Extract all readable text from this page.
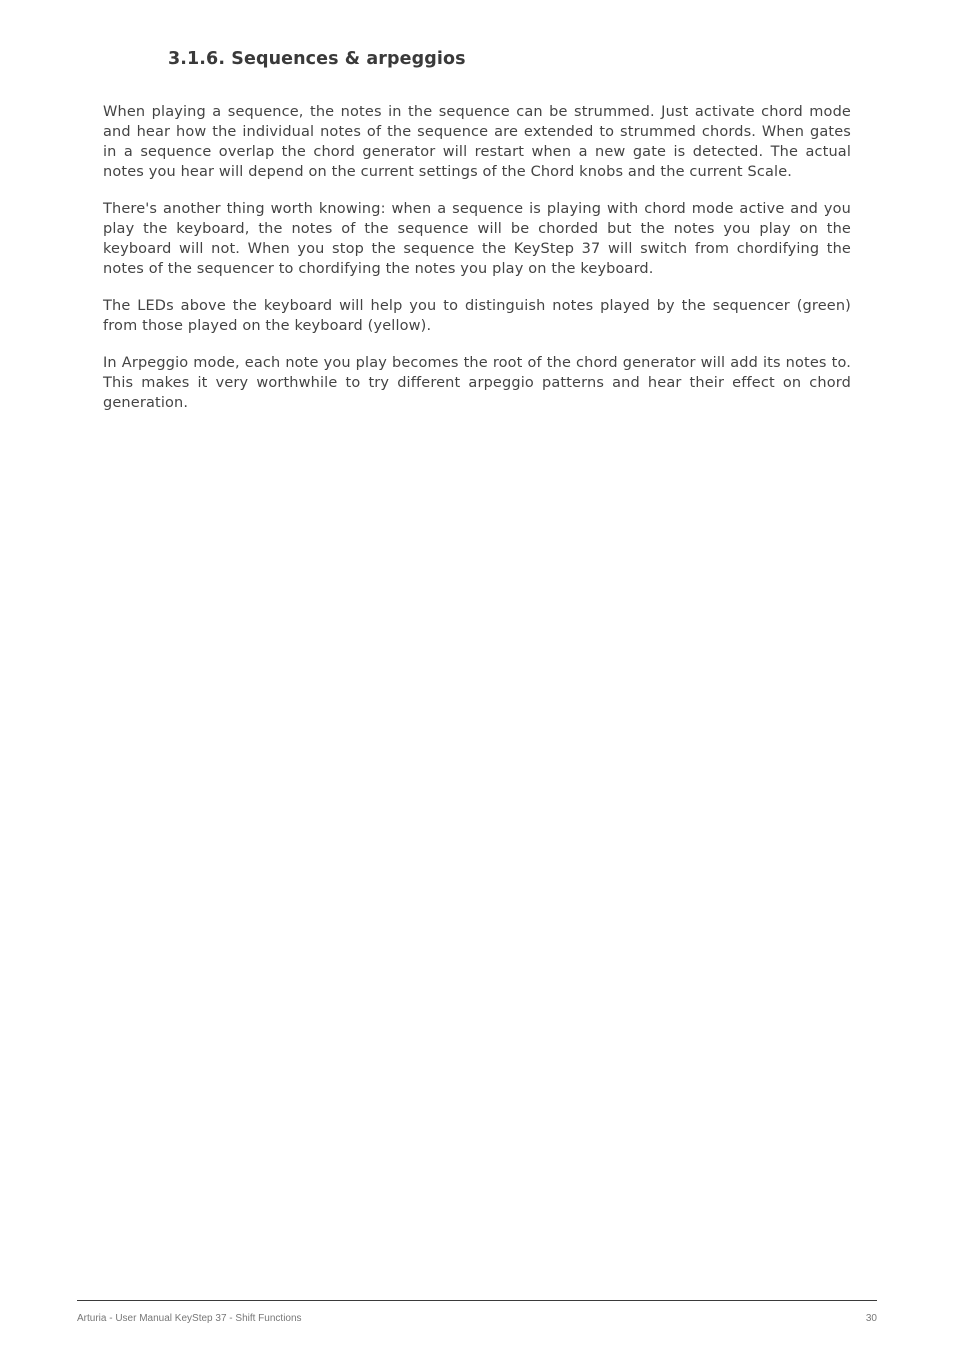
3.1.6. Sequences & arpeggios

When playing a sequence, the notes in the sequence can be strummed. Just activate chord mode and hear how the individual notes of the sequence are extended to strummed chords. When gates in a sequence overlap the chord generator will restart when a new gate is detected. The actual notes you hear will depend on the current settings of the Chord knobs and the current Scale.

There's another thing worth knowing: when a sequence is playing with chord mode active and you play the keyboard, the notes of the sequence will be chorded but the notes you play on the keyboard will not. When you stop the sequence the KeyStep 37 will switch from chordifying the notes of the sequencer to chordifying the notes you play on the keyboard.

The LEDs above the keyboard will help you to distinguish notes played by the sequencer (green) from those played on the keyboard (yellow).

In Arpeggio mode, each note you play becomes the root of the chord generator will add its notes to. This makes it very worthwhile to try different arpeggio patterns and hear their effect on chord generation.

Arturia - User Manual KeyStep 37 - Shift Functions	30
